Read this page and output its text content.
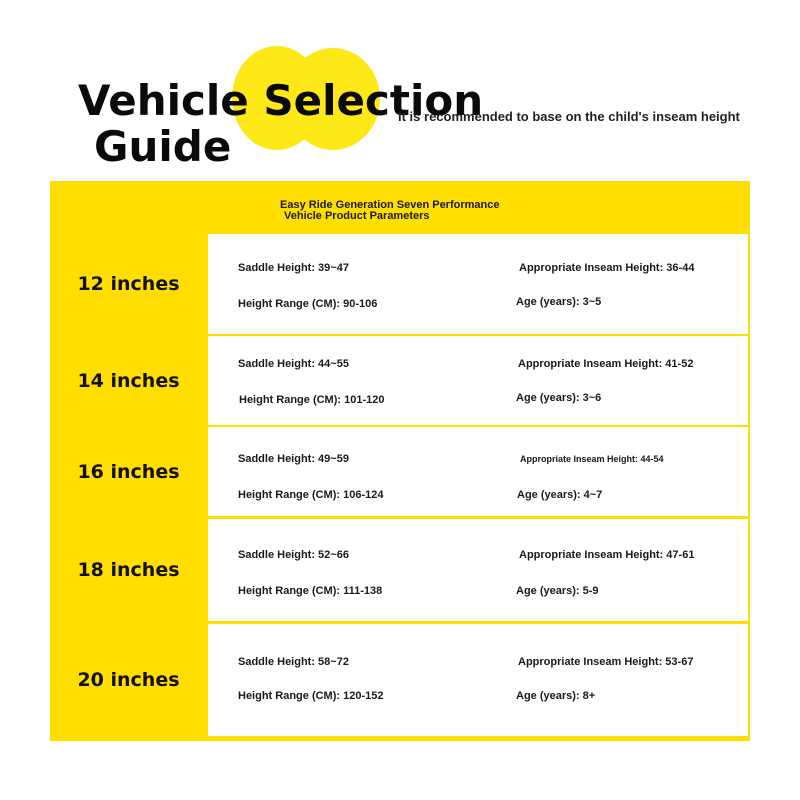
Vehicle Selection
Guide
It is recommended to base on the child's inseam height
Easy Ride Generation Seven Performance
Vehicle Product Parameters
12 inches
Saddle Height: 39~47	Appropriate Inseam Height: 36-44
Height Range (CM): 90-106	Age (years): 3~5
14 inches
Saddle Height: 44~55	Appropriate Inseam Height: 41-52
Height Range (CM): 101-120	Age (years): 3~6
16 inches
Saddle Height: 49~59	Appropriate Inseam Height: 44-54
Height Range (CM): 106-124	Age (years): 4~7
18 inches
Saddle Height: 52~66	Appropriate Inseam Height: 47-61
Height Range (CM): 111-138	Age (years): 5-9
20 inches
Saddle Height: 58~72	Appropriate Inseam Height: 53-67
Height Range (CM): 120-152	Age (years): 8+
